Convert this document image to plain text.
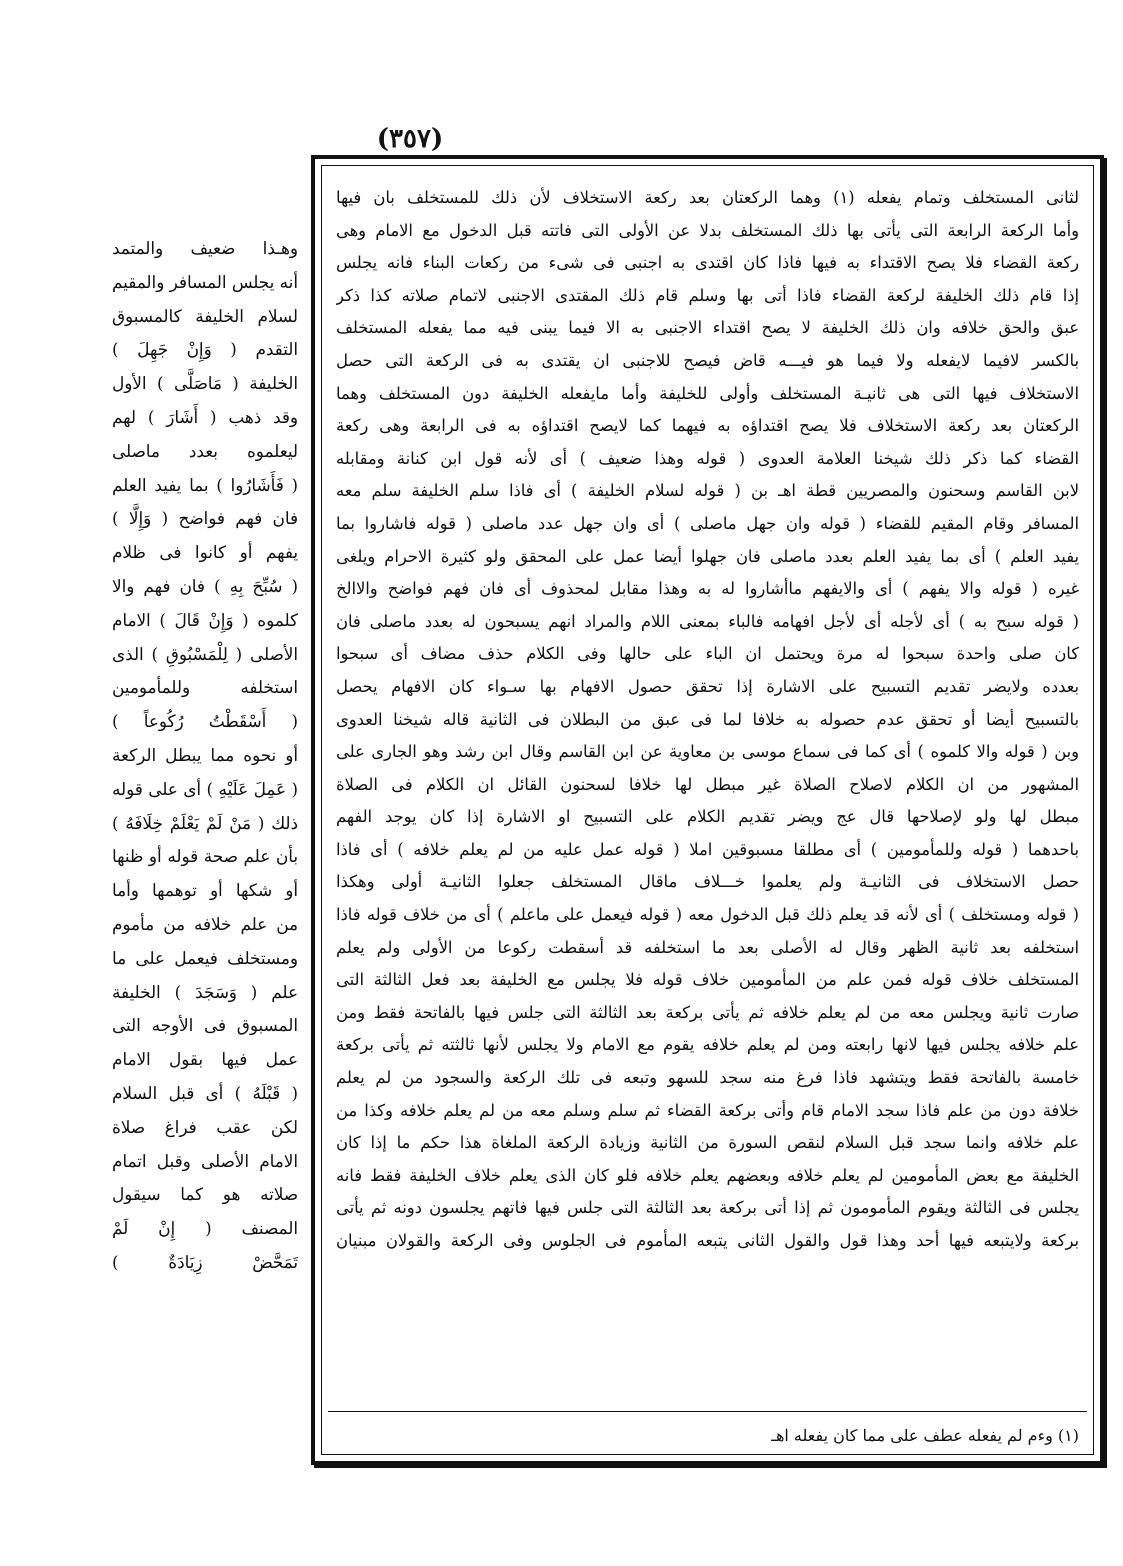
(٣٥٧)
وهـذا ضعيف والمتمد
أنه يجلس المسافر والمقيم
لسلام الخليفة كالمسبوق
التقدم ( وَإِنْ جَهِلَ )
الخليفة ( مَاصَلَّى ) الأول
وقد ذهب ( أَشَارَ ) لهم
ليعلموه بعدد ماصلى
( فَأَشَارُوا ) بما يفيد العلم
فان فهم فواضح ( وَإِلَّا )
يفهم أو كانوا فى ظلام
( سُبِّحَ بِهِ ) فان فهم والا
كلموه ( وَإِنْ قَالَ ) الامام
الأصلى ( لِلْمَسْبُوقِ ) الذى
استخلفه وللمأمومين
( أَسْقَطْتُ رُكُوعاً )
أو نحوه مما يبطل الركعة
( عَمِلَ عَلَيْهِ ) أى على قوله
ذلك ( مَنْ لَمْ يَعْلَمْ خِلَافَهُ )
بأن علم صحة قوله أو ظنها
أو شكها أو توهمها وأما
من علم خلافه من مأموم
ومستخلف فيعمل على ما
علم ( وَسَجَدَ ) الخليفة
المسبوق فى الأوجه التى
عمل فيها بقول الامام
( قَبْلَهُ ) أى قبل السلام
لكن عقب فراغ صلاة
الامام الأصلى وقبل اتمام
صلاته هو كما سيقول
المصنف ( إِنْ لَمْ
تَمَحَّضْ زِيَادَةٌ )
لثانى المستخلف وتمام يفعله (١) وهما الركعتان بعد ركعة الاستخلاف لأن ذلك للمستخلف بان فيها
وأما الركعة الرابعة التى يأتى بها ذلك المستخلف بدلا عن الأولى التى فاتته قبل الدخول مع الامام وهى
ركعة القضاء فلا يصح الاقتداء به فيها فاذا كان اقتدى به اجنبى فى شىء من ركعات البناء فانه يجلس
إذا قام ذلك الخليفة لركعة القضاء فاذا أتى بها وسلم قام ذلك المقتدى الاجنبى لاتمام صلاته كذا ذكر
عبق والحق خلافه وان ذلك الخليفة لا يصح اقتداء الاجنبى به الا فيما يبنى فيه مما يفعله المستخلف
بالكسر لافيما لايفعله ولا فيما هو فيـــه قاض فيصح للاجنبى ان يقتدى به فى الركعة التى حصل
الاستخلاف فيها التى هى ثانيـة المستخلف وأولى للخليفة وأما مايفعله الخليفة دون المستخلف وهما
الركعتان بعد ركعة الاستخلاف فلا يصح اقتداؤه به فيهما كما لايصح اقتداؤه به فى الرابعة وهى ركعة
القضاء كما ذكر ذلك شيخنا العلامة العدوى ( قوله وهذا ضعيف ) أى لأنه قول ابن كنانة ومقابله
لابن القاسم وسحنون والمصريين قطة اهـ بن ( قوله لسلام الخليفة ) أى فاذا سلم الخليفة سلم معه
المسافر وقام المقيم للقضاء ( قوله وان جهل ماصلى ) أى وان جهل عدد ماصلى ( قوله فاشاروا بما
يفيد العلم ) أى بما يفيد العلم بعدد ماصلى فان جهلوا أيضا عمل على المحقق ولو كثيرة الاحرام ويلغى
غيره ( قوله والا يفهم ) أى والايفهم ماأشاروا له به وهذا مقابل لمحذوف أى فان فهم فواضح والاالخ
( قوله سبح به ) أى لأجله أى لأجل افهامه فالباء بمعنى اللام والمراد انهم يسبحون له بعدد ماصلى فان
كان صلى واحدة سبحوا له مرة ويحتمل ان الباء على حالها وفى الكلام حذف مضاف أى سبحوا
بعدده ولايضر تقديم التسبيح على الاشارة إذا تحقق حصول الافهام بها سـواء كان الافهام يحصل
بالتسبيح أيضا أو تحقق عدم حصوله به خلافا لما فى عبق من البطلان فى الثانية قاله شيخنا العدوى
وبن ( قوله والا كلموه ) أى كما فى سماع موسى بن معاوية عن ابن القاسم وقال ابن رشد وهو الجارى على
المشهور من ان الكلام لاصلاح الصلاة غير مبطل لها خلافا لسحنون القائل ان الكلام فى الصلاة
مبطل لها ولو لإصلاحها قال عج ويضر تقديم الكلام على التسبيح او الاشارة إذا كان يوجد الفهم
باحدهما ( قوله وللمأمومين ) أى مطلقا مسبوقين املا ( قوله عمل عليه من لم يعلم خلافه ) أى فاذا
حصل الاستخلاف فى الثانيـة ولم يعلموا خـــلاف ماقال المستخلف جعلوا الثانيـة أولى وهكذا
( قوله ومستخلف ) أى لأنه قد يعلم ذلك قبل الدخول معه ( قوله فيعمل على ماعلم ) أى من خلاف قوله فاذا
استخلفه بعد ثانية الظهر وقال له الأصلى بعد ما استخلفه قد أسقطت ركوعا من الأولى ولم يعلم
المستخلف خلاف قوله فمن علم من المأمومين خلاف قوله فلا يجلس مع الخليفة بعد فعل الثالثة التى
صارت ثانية ويجلس معه من لم يعلم خلافه ثم يأتى بركعة بعد الثالثة التى جلس فيها بالفاتحة فقط ومن
علم خلافه يجلس فيها لانها رابعته ومن لم يعلم خلافه يقوم مع الامام ولا يجلس لأنها ثالثته ثم يأتى بركعة
خامسة بالفاتحة فقط ويتشهد فاذا فرغ منه سجد للسهو وتبعه فى تلك الركعة والسجود من لم يعلم
خلافة دون من علم فاذا سجد الامام قام وأتى بركعة القضاء ثم سلم وسلم معه من لم يعلم خلافه وكذا من
علم خلافه وانما سجد قبل السلام لنقص السورة من الثانية وزيادة الركعة الملغاة هذا حكم ما إذا كان
الخليفة مع بعض المأمومين لم يعلم خلافه وبعضهم يعلم خلافه فلو كان الذى يعلم خلاف الخليفة فقط فانه
يجلس فى الثالثة ويقوم المأمومون ثم إذا أتى بركعة بعد الثالثة التى جلس فيها فاتهم يجلسون دونه ثم يأتى
بركعة ولايتبعه فيها أحد وهذا قول والقول الثانى يتبعه المأموم فى الجلوس وفى الركعة والقولان مبنيان
(١) وءم لم يفعله عطف على مما كان يفعله اهـ
